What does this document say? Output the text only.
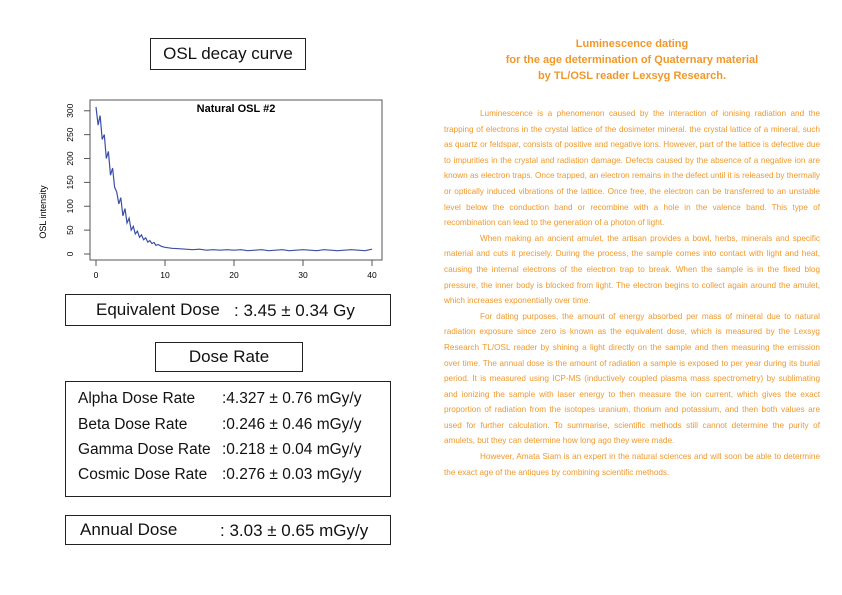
OSL decay curve
Natural OSL #2
OSL intensity
0
50
100
150
200
250
300
0	10	20	30	40
Equivalent Dose : 3.45 ± 0.34 Gy
Dose Rate
Alpha Dose Rate	:4.327 ± 0.76 mGy/y
Beta Dose Rate	:0.246 ± 0.46 mGy/y
Gamma Dose Rate :0.218 ± 0.04 mGy/y
Cosmic Dose Rate :0.276 ± 0.03 mGy/y
Annual Dose	: 3.03 ± 0.65 mGy/y
Luminescence dating
for the age determination of Quaternary material
by TL/OSL reader Lexsyg Research.

Luminescence is a phenomenon caused by the interaction of ionising radiation and the trapping of electrons in the crystal lattice of the dosimeter mineral. the crystal lattice of a mineral, such as quartz or feldspar, consists of positive and negative ions. However, part of the lattice is defective due to impurities in the crystal and radiation damage. Defects caused by the absence of a negative ion are known as electron traps. Once trapped, an electron remains in the defect until it is released by thermally or optically induced vibrations of the lattice. Once free, the electron can be transferred to an unstable level below the conduction band or recombine with a hole in the valence band. This type of recombination can lead to the generation of a photon of light.

When making an ancient amulet, the artisan provides a bowl, herbs, minerals and specific material and cuts it precisely. During the process, the sample comes into contact with light and heat, causing the internal electrons of the electron trap to break. When the sample is in the fixed blog pressure, the inner body is blocked from light. The electron begins to collect again around the amulet, which increases exponentially over time.

For dating purposes, the amount of energy absorbed per mass of mineral due to natural radiation exposure since zero is known as the equivalent dose, which is measured by the Lexsyg Research TL/OSL reader by shining a light directly on the sample and then measuring the emission over time. The annual dose is the amount of radiation a sample is exposed to per year during its burial period. It is measured using ICP-MS (inductively coupled plasma mass spectrometry) by sublimating and ionizing the sample with laser energy to then measure the ion current, which gives the exact proportion of radiation from the isotopes uranium, thorium and potassium, and then both values are used for further calculation. To summarise, scientific methods still cannot determine the purity of amulets, but they can determine how long ago they were made.

However, Amata Siam is an expert in the natural sciences and will soon be able to determine the exact age of the antiques by combining scientific methods.
